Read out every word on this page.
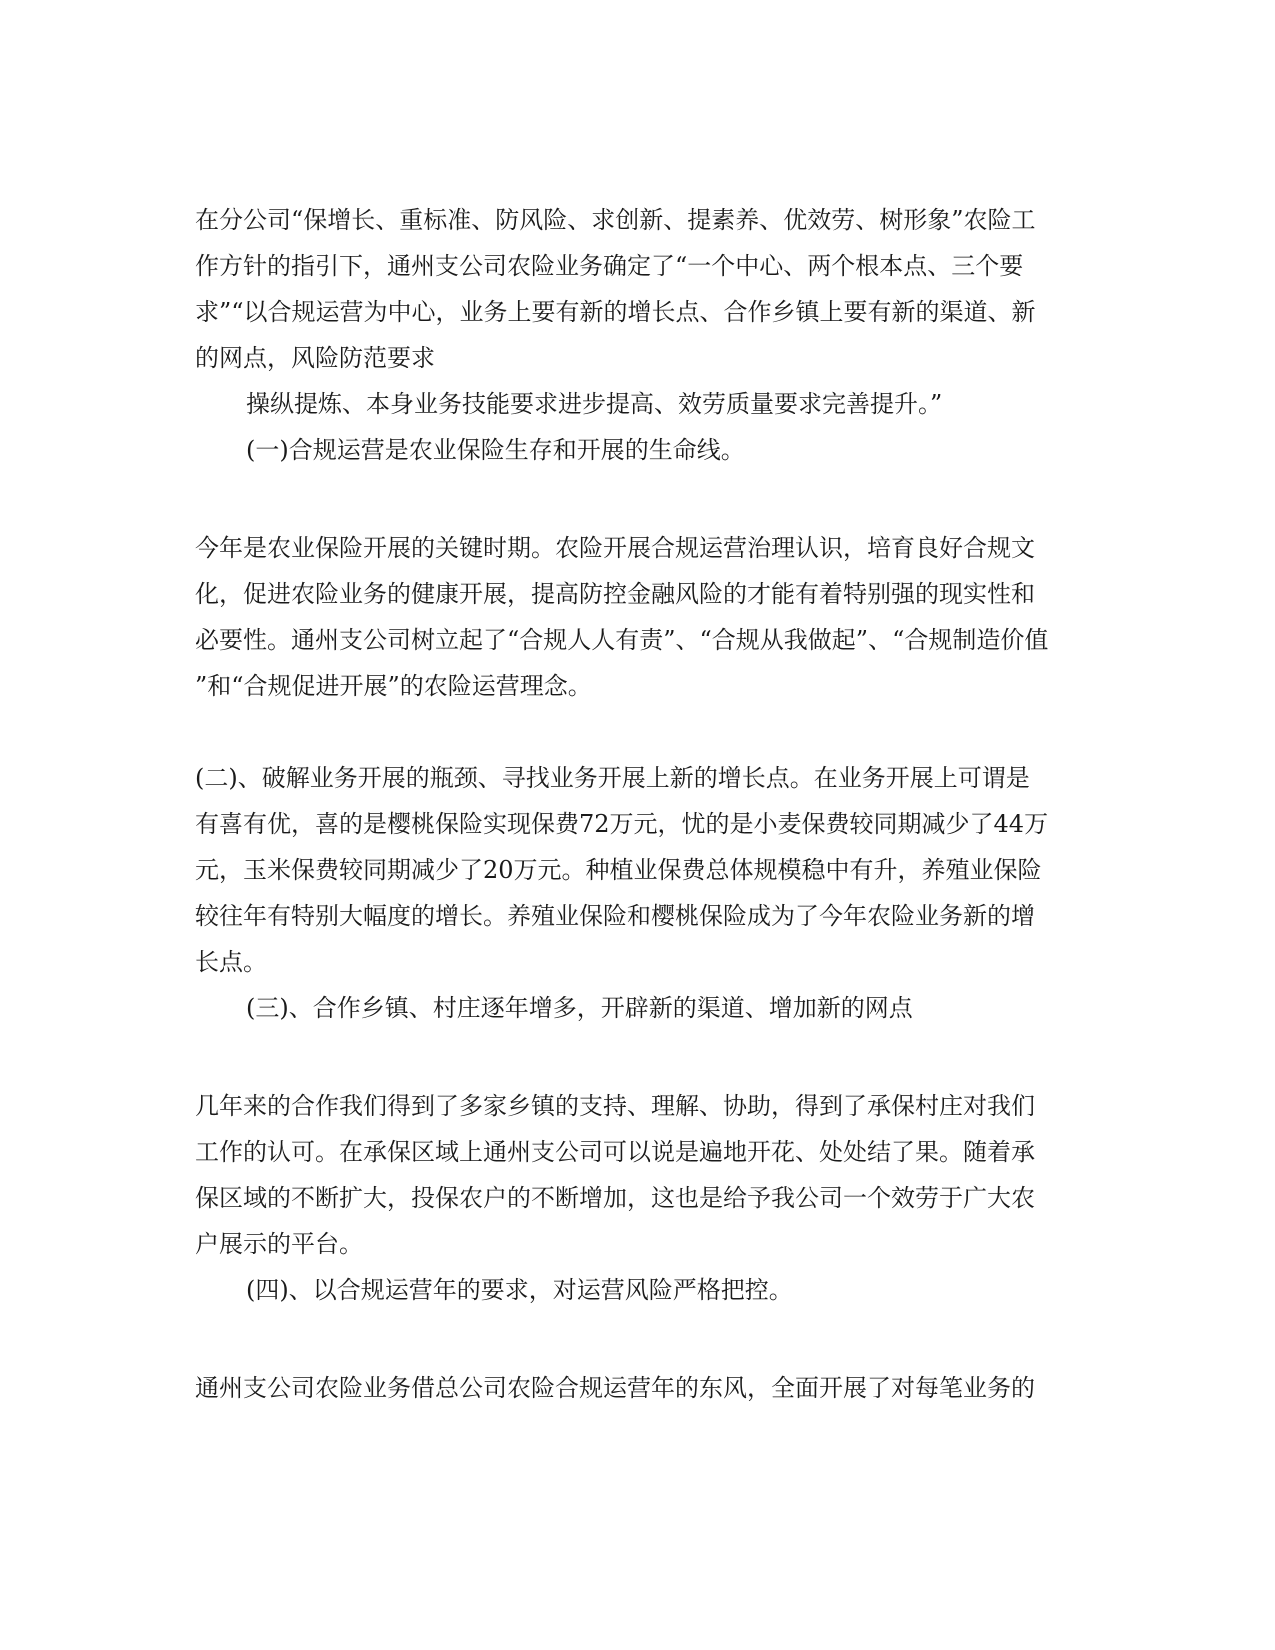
在分公司“保增长、重标准、防风险、求创新、提素养、优效劳、树形象”农险工
作方针的指引下，通州支公司农险业务确定了“一个中心、两个根本点、三个要
求”“以合规运营为中心，业务上要有新的增长点、合作乡镇上要有新的渠道、新
的网点，风险防范要求
操纵提炼、本身业务技能要求进步提高、效劳质量要求完善提升。”
(一)合规运营是农业保险生存和开展的生命线。
今年是农业保险开展的关键时期。农险开展合规运营治理认识，培育良好合规文
化，促进农险业务的健康开展，提高防控金融风险的才能有着特别强的现实性和
必要性。通州支公司树立起了“合规人人有责”、“合规从我做起”、“合规制造价值
”和“合规促进开展”的农险运营理念。
(二)、破解业务开展的瓶颈、寻找业务开展上新的增长点。在业务开展上可谓是
有喜有优，喜的是樱桃保险实现保费72万元，忧的是小麦保费较同期减少了44万
元，玉米保费较同期减少了20万元。种植业保费总体规模稳中有升，养殖业保险
较往年有特别大幅度的增长。养殖业保险和樱桃保险成为了今年农险业务新的增
长点。
(三)、合作乡镇、村庄逐年增多，开辟新的渠道、增加新的网点
几年来的合作我们得到了多家乡镇的支持、理解、协助，得到了承保村庄对我们
工作的认可。在承保区域上通州支公司可以说是遍地开花、处处结了果。随着承
保区域的不断扩大，投保农户的不断增加，这也是给予我公司一个效劳于广大农
户展示的平台。
(四)、以合规运营年的要求，对运营风险严格把控。
通州支公司农险业务借总公司农险合规运营年的东风，全面开展了对每笔业务的
